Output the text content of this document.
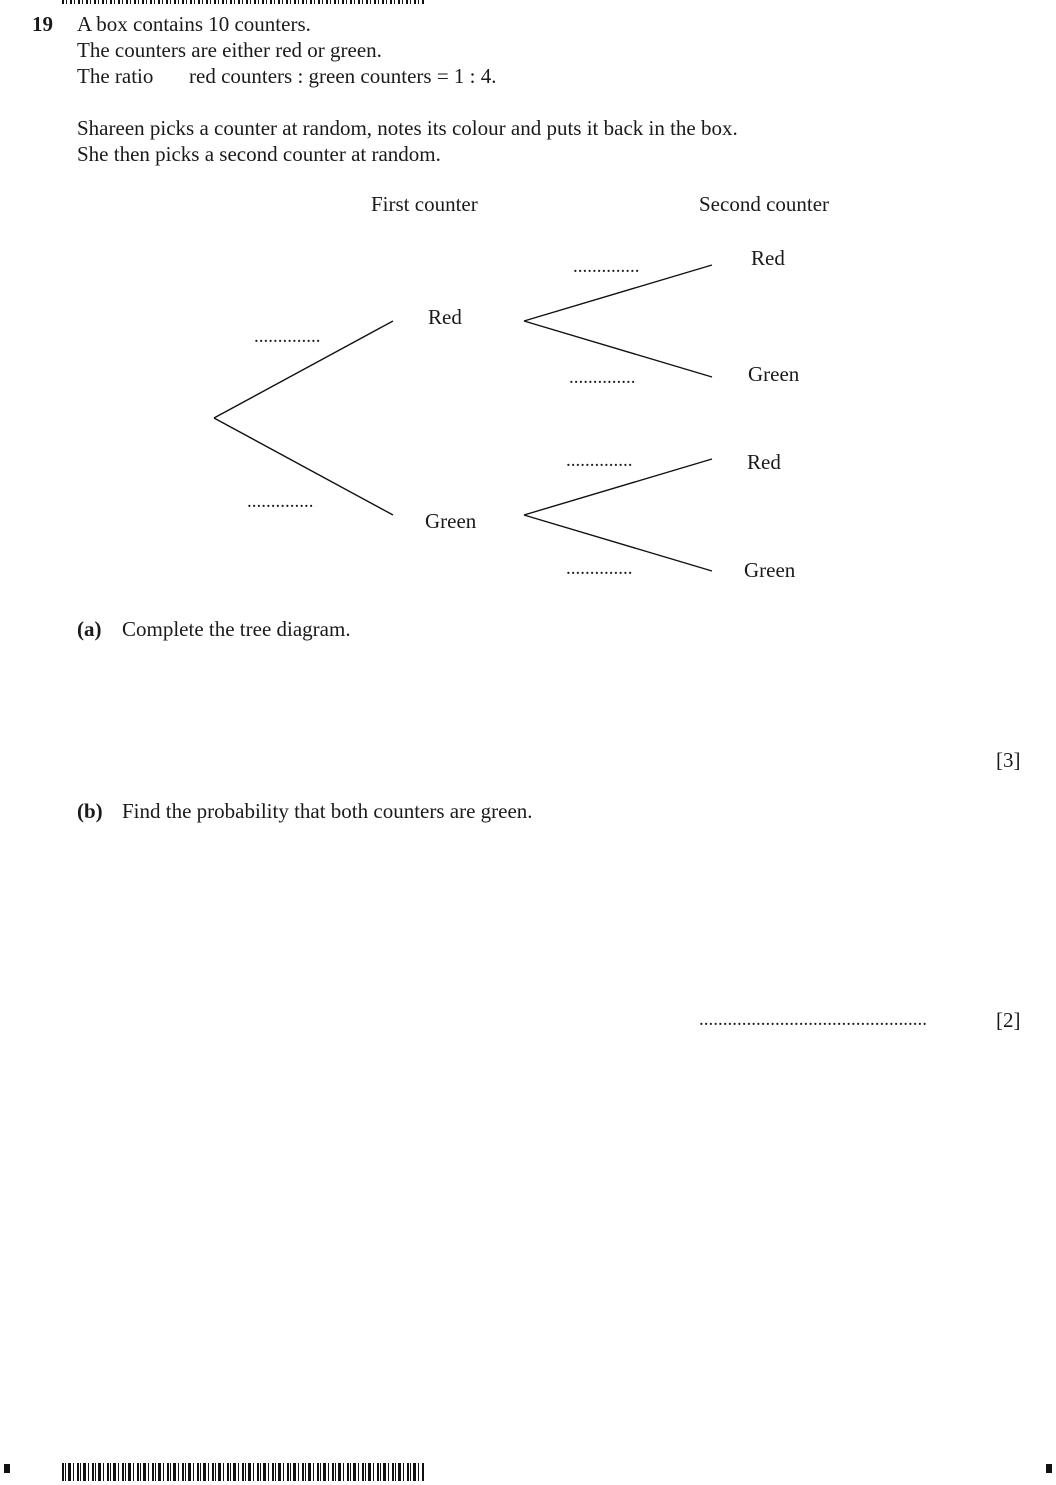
19 A box contains 10 counters.
The counters are either red or green.
The ratio red counters : green counters = 1 : 4.
Shareen picks a counter at random, notes its colour and puts it back in the box.
She then picks a second counter at random.
First counter	Second counter
Red
Green
Red
Green
Red
Green
..............
..............
..............
..............
..............
..............
(a) Complete the tree diagram.
[3]
(b) Find the probability that both counters are green.
................................................	[2]
